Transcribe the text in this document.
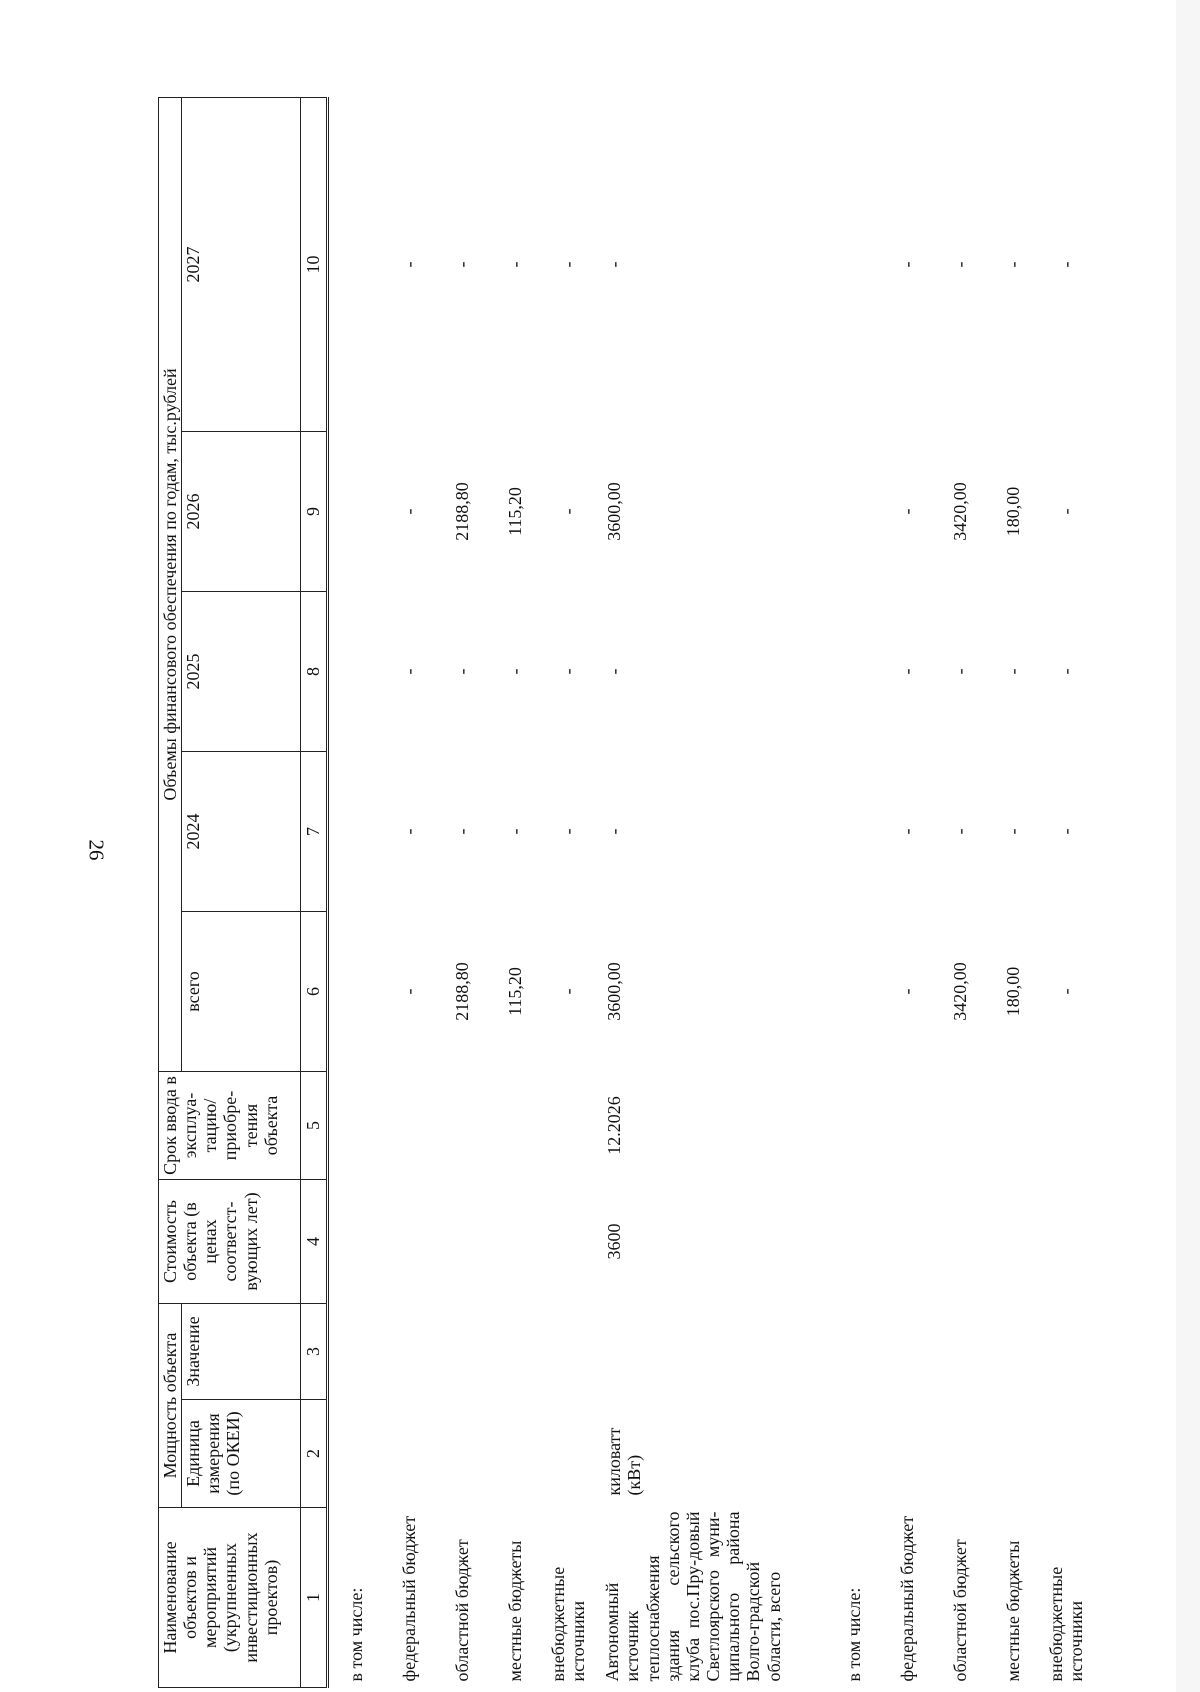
26
Наименование объектов и мероприятий (укрупненных инвестиционных проектов)	Мощность объекта		Стоимость объекта (в ценах соответст-вующих лет)	Срок ввода в эксплуа-тацию/ приобре-тения объекта	Объемы финансового обеспечения по годам, тыс.рублей				
	Единица измерения (по ОКЕИ)	Значение			всего	2024	2025	2026	2027
1	2	3	4	5	6	7	8	9	10
в том числе:									
федеральный бюджет					-	-	-	-	-
областной бюджет					2188,80	-	-	2188,80	-
местные бюджеты					115,20	-	-	115,20	-
внебюджетные источники					-	-	-	-	-
Автономный источник теплоснабжения здания сельского клуба пос.Пру-довый Светлоярского муни-ципального района Волго-градской области, всего	киловатт (кВт)		3600	12.2026	3600,00	-	-	3600,00	-
в том числе:									
федеральный бюджет					-	-	-	-	-
областной бюджет					3420,00	-	-	3420,00	-
местные бюджеты					180,00	-	-	180,00	-
внебюджетные источники					-	-	-	-	-
